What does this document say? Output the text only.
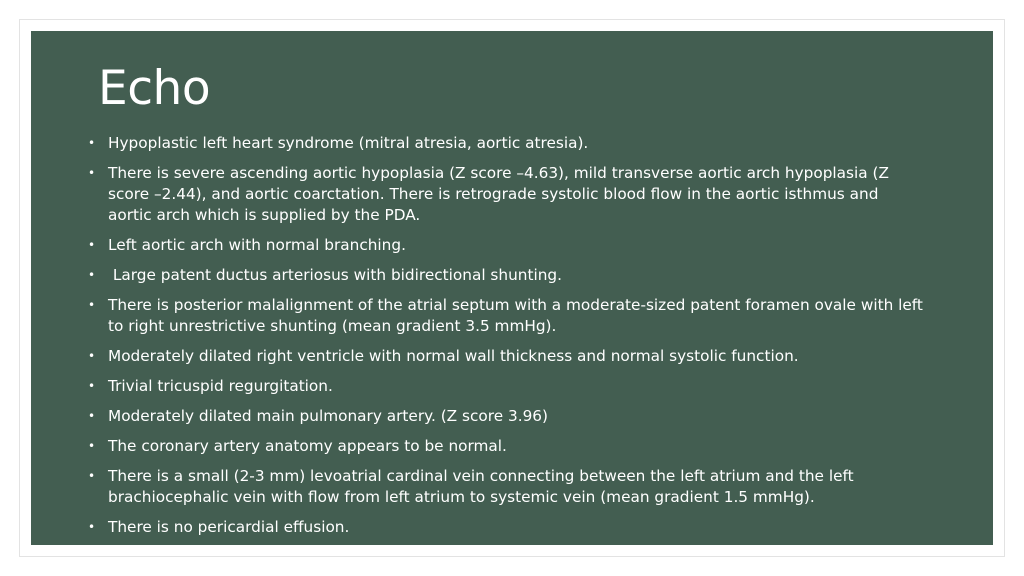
Echo
• Hypoplastic left heart syndrome (mitral atresia, aortic atresia).
• There is severe ascending aortic hypoplasia (Z score –4.63), mild transverse aortic arch hypoplasia (Z score –2.44), and aortic coarctation. There is retrograde systolic blood flow in the aortic isthmus and aortic arch which is supplied by the PDA.
• Left aortic arch with normal branching.
• Large patent ductus arteriosus with bidirectional shunting.
• There is posterior malalignment of the atrial septum with a moderate-sized patent foramen ovale with left to right unrestrictive shunting (mean gradient 3.5 mmHg).
• Moderately dilated right ventricle with normal wall thickness and normal systolic function.
• Trivial tricuspid regurgitation.
• Moderately dilated main pulmonary artery. (Z score 3.96)
• The coronary artery anatomy appears to be normal.
• There is a small (2-3 mm) levoatrial cardinal vein connecting between the left atrium and the left brachiocephalic vein with flow from left atrium to systemic vein (mean gradient 1.5 mmHg).
• There is no pericardial effusion.
